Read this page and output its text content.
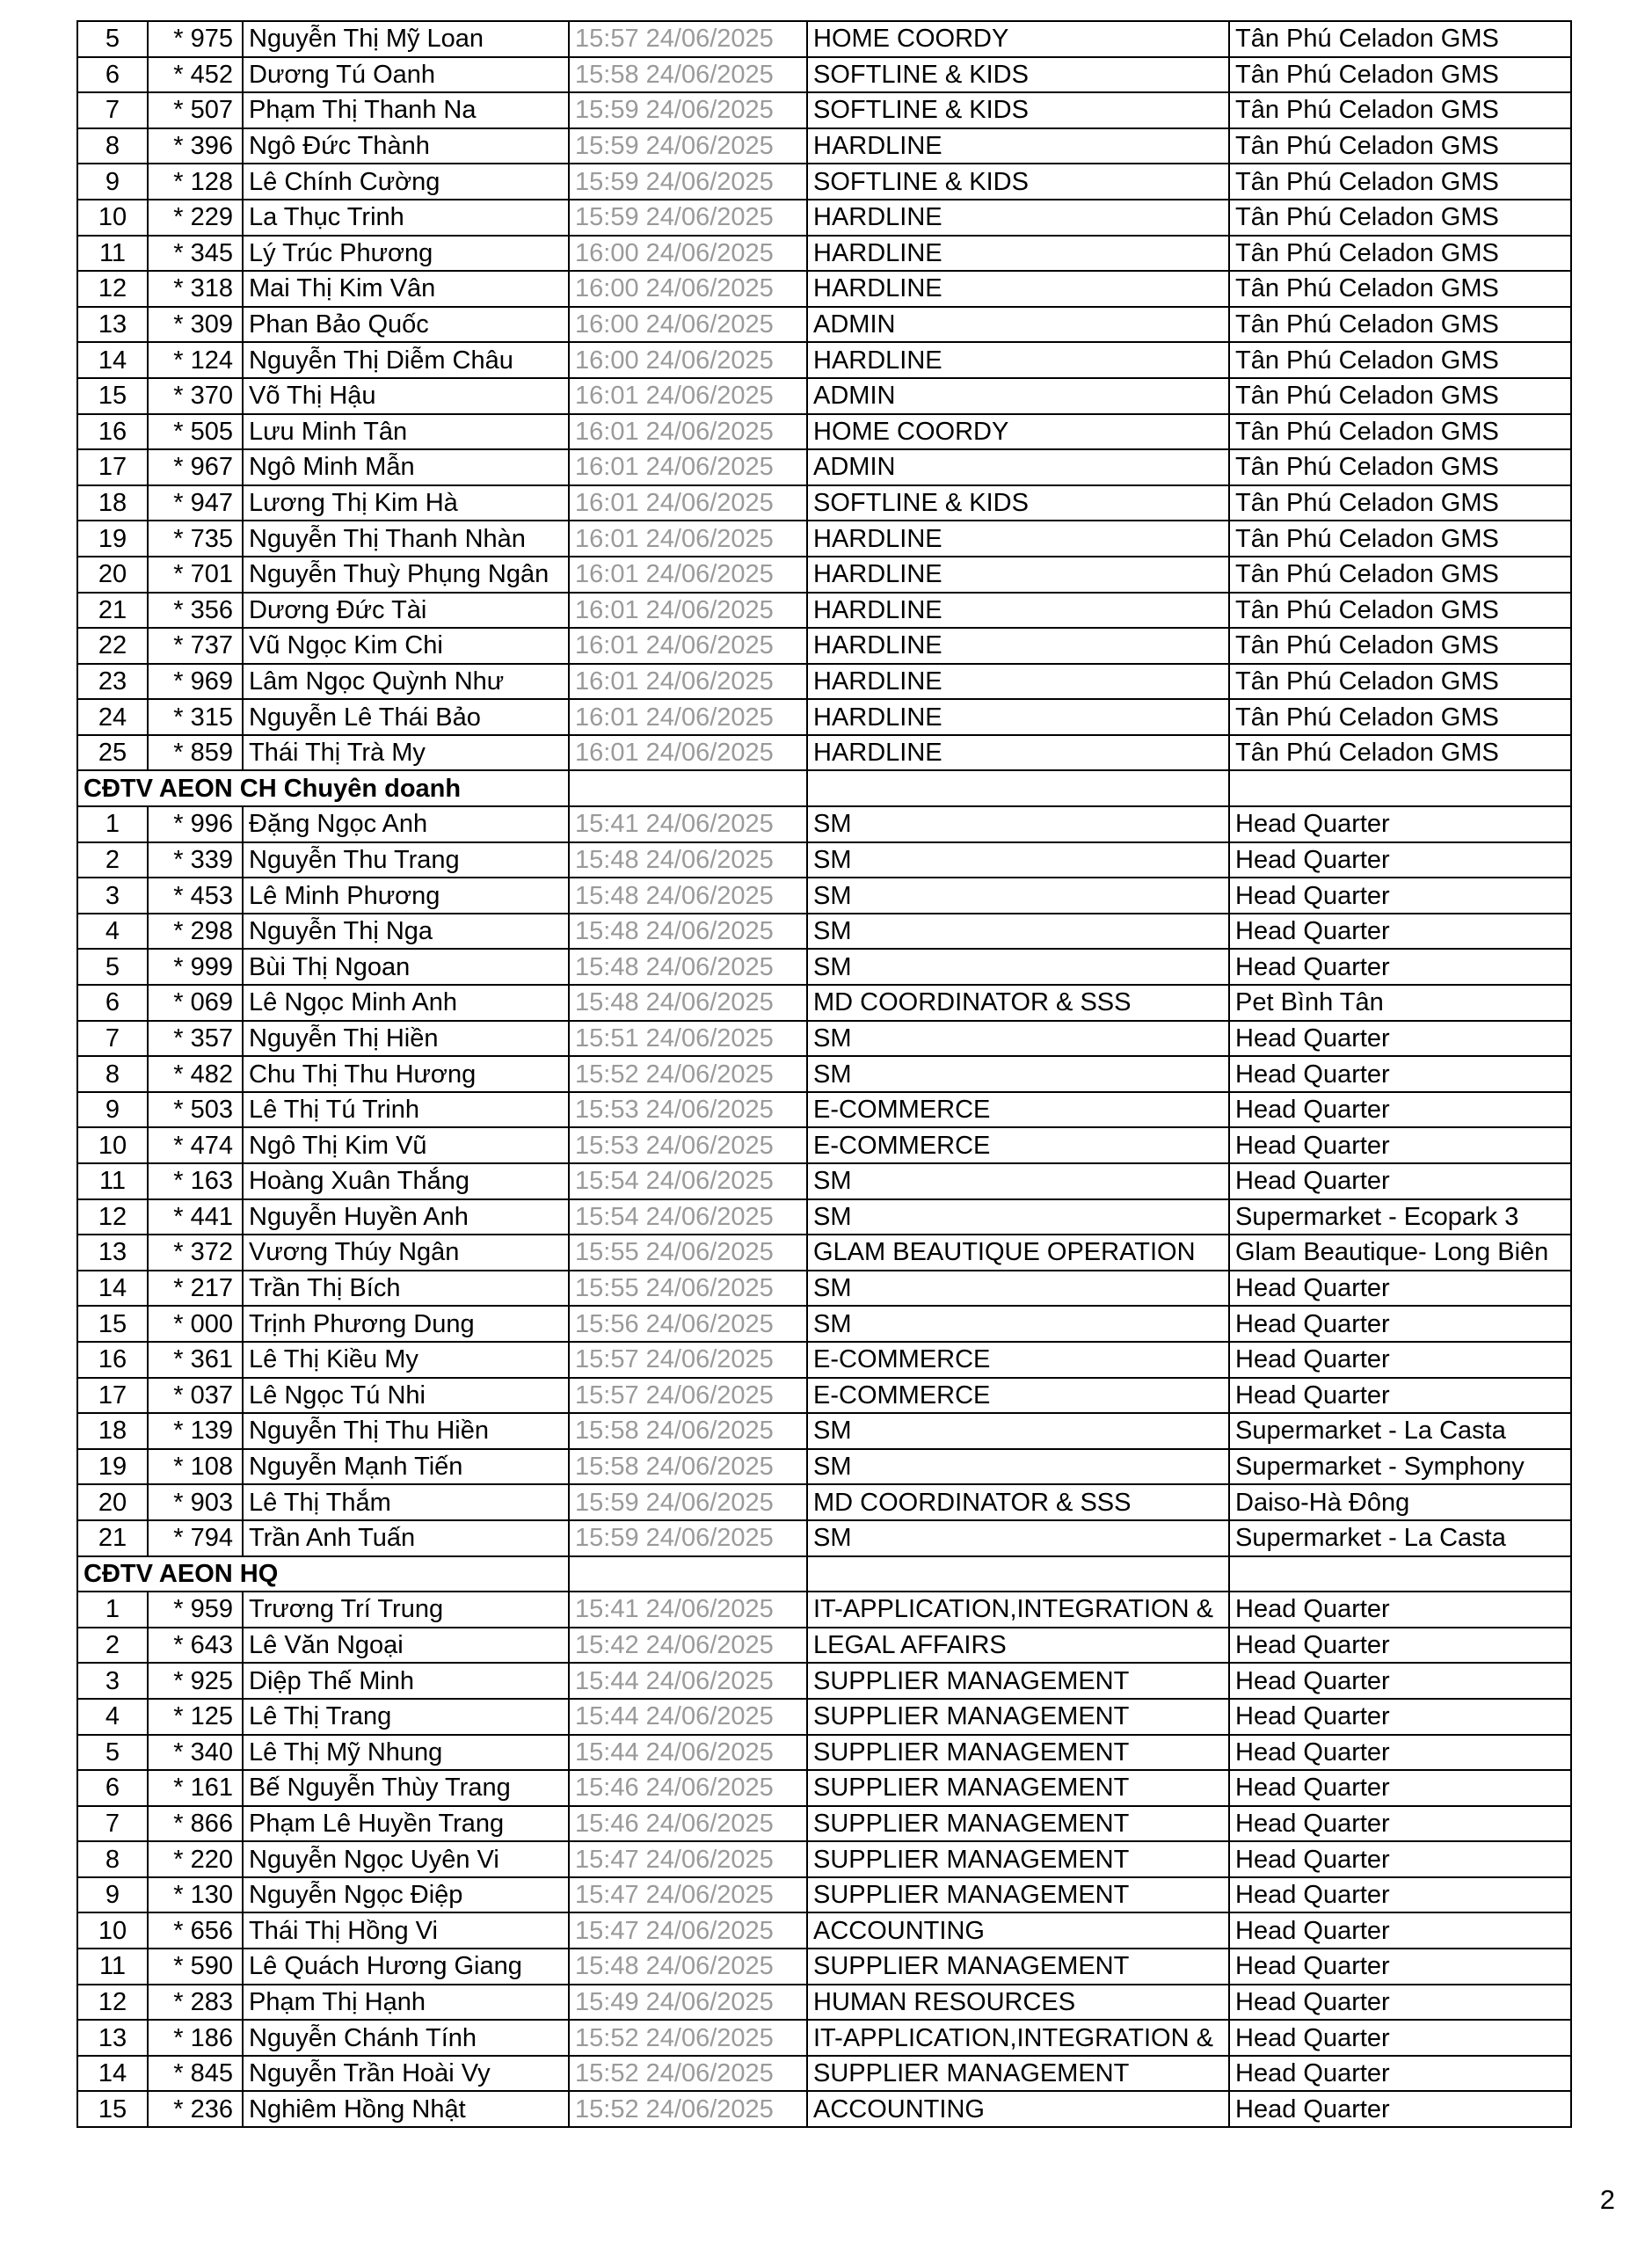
5	* 975	Nguyễn Thị Mỹ Loan	15:57 24/06/2025	HOME COORDY	Tân Phú Celadon GMS
6	* 452	Dương Tú Oanh	15:58 24/06/2025	SOFTLINE & KIDS	Tân Phú Celadon GMS
7	* 507	Phạm Thị Thanh Na	15:59 24/06/2025	SOFTLINE & KIDS	Tân Phú Celadon GMS
8	* 396	Ngô Đức Thành	15:59 24/06/2025	HARDLINE	Tân Phú Celadon GMS
9	* 128	Lê Chính Cường	15:59 24/06/2025	SOFTLINE & KIDS	Tân Phú Celadon GMS
10	* 229	La Thục Trinh	15:59 24/06/2025	HARDLINE	Tân Phú Celadon GMS
11	* 345	Lý Trúc Phương	16:00 24/06/2025	HARDLINE	Tân Phú Celadon GMS
12	* 318	Mai Thị Kim Vân	16:00 24/06/2025	HARDLINE	Tân Phú Celadon GMS
13	* 309	Phan Bảo Quốc	16:00 24/06/2025	ADMIN	Tân Phú Celadon GMS
14	* 124	Nguyễn Thị Diễm Châu	16:00 24/06/2025	HARDLINE	Tân Phú Celadon GMS
15	* 370	Võ Thị Hậu	16:01 24/06/2025	ADMIN	Tân Phú Celadon GMS
16	* 505	Lưu Minh Tân	16:01 24/06/2025	HOME COORDY	Tân Phú Celadon GMS
17	* 967	Ngô Minh Mẫn	16:01 24/06/2025	ADMIN	Tân Phú Celadon GMS
18	* 947	Lương Thị Kim Hà	16:01 24/06/2025	SOFTLINE & KIDS	Tân Phú Celadon GMS
19	* 735	Nguyễn Thị Thanh Nhàn	16:01 24/06/2025	HARDLINE	Tân Phú Celadon GMS
20	* 701	Nguyễn Thuỳ Phụng Ngân	16:01 24/06/2025	HARDLINE	Tân Phú Celadon GMS
21	* 356	Dương Đức Tài	16:01 24/06/2025	HARDLINE	Tân Phú Celadon GMS
22	* 737	Vũ Ngọc Kim Chi	16:01 24/06/2025	HARDLINE	Tân Phú Celadon GMS
23	* 969	Lâm Ngọc Quỳnh Như	16:01 24/06/2025	HARDLINE	Tân Phú Celadon GMS
24	* 315	Nguyễn Lê Thái Bảo	16:01 24/06/2025	HARDLINE	Tân Phú Celadon GMS
25	* 859	Thái Thị Trà My	16:01 24/06/2025	HARDLINE	Tân Phú Celadon GMS
CĐTV AEON CH Chuyên doanh					
1	* 996	Đặng Ngọc Anh	15:41 24/06/2025	SM	Head Quarter
2	* 339	Nguyễn Thu Trang	15:48 24/06/2025	SM	Head Quarter
3	* 453	Lê Minh Phương	15:48 24/06/2025	SM	Head Quarter
4	* 298	Nguyễn Thị Nga	15:48 24/06/2025	SM	Head Quarter
5	* 999	Bùi Thị Ngoan	15:48 24/06/2025	SM	Head Quarter
6	* 069	Lê Ngọc Minh Anh	15:48 24/06/2025	MD COORDINATOR & SSS	Pet Bình Tân
7	* 357	Nguyễn Thị Hiền	15:51 24/06/2025	SM	Head Quarter
8	* 482	Chu Thị Thu Hương	15:52 24/06/2025	SM	Head Quarter
9	* 503	Lê Thị Tú Trinh	15:53 24/06/2025	E-COMMERCE	Head Quarter
10	* 474	Ngô Thị Kim Vũ	15:53 24/06/2025	E-COMMERCE	Head Quarter
11	* 163	Hoàng Xuân Thắng	15:54 24/06/2025	SM	Head Quarter
12	* 441	Nguyễn Huyền Anh	15:54 24/06/2025	SM	Supermarket - Ecopark 3
13	* 372	Vương Thúy Ngân	15:55 24/06/2025	GLAM BEAUTIQUE OPERATION	Glam Beautique- Long Biên
14	* 217	Trần Thị Bích	15:55 24/06/2025	SM	Head Quarter
15	* 000	Trịnh Phương Dung	15:56 24/06/2025	SM	Head Quarter
16	* 361	Lê Thị Kiều My	15:57 24/06/2025	E-COMMERCE	Head Quarter
17	* 037	Lê Ngọc Tú Nhi	15:57 24/06/2025	E-COMMERCE	Head Quarter
18	* 139	Nguyễn Thị Thu Hiền	15:58 24/06/2025	SM	Supermarket - La Casta
19	* 108	Nguyễn Mạnh Tiến	15:58 24/06/2025	SM	Supermarket - Symphony
20	* 903	Lê Thị Thắm	15:59 24/06/2025	MD COORDINATOR & SSS	Daiso-Hà Đông
21	* 794	Trần Anh Tuấn	15:59 24/06/2025	SM	Supermarket - La Casta
CĐTV AEON HQ					
1	* 959	Trương Trí Trung	15:41 24/06/2025	IT-APPLICATION,INTEGRATION &	Head Quarter
2	* 643	Lê Văn Ngoại	15:42 24/06/2025	LEGAL AFFAIRS	Head Quarter
3	* 925	Diệp Thế Minh	15:44 24/06/2025	SUPPLIER MANAGEMENT	Head Quarter
4	* 125	Lê Thị Trang	15:44 24/06/2025	SUPPLIER MANAGEMENT	Head Quarter
5	* 340	Lê Thị Mỹ Nhung	15:44 24/06/2025	SUPPLIER MANAGEMENT	Head Quarter
6	* 161	Bế Nguyễn Thùy Trang	15:46 24/06/2025	SUPPLIER MANAGEMENT	Head Quarter
7	* 866	Phạm Lê Huyền Trang	15:46 24/06/2025	SUPPLIER MANAGEMENT	Head Quarter
8	* 220	Nguyễn Ngọc Uyên Vi	15:47 24/06/2025	SUPPLIER MANAGEMENT	Head Quarter
9	* 130	Nguyễn Ngọc Điệp	15:47 24/06/2025	SUPPLIER MANAGEMENT	Head Quarter
10	* 656	Thái Thị Hồng Vi	15:47 24/06/2025	ACCOUNTING	Head Quarter
11	* 590	Lê Quách Hương Giang	15:48 24/06/2025	SUPPLIER MANAGEMENT	Head Quarter
12	* 283	Phạm Thị Hạnh	15:49 24/06/2025	HUMAN RESOURCES	Head Quarter
13	* 186	Nguyễn Chánh Tính	15:52 24/06/2025	IT-APPLICATION,INTEGRATION &	Head Quarter
14	* 845	Nguyễn Trần Hoài Vy	15:52 24/06/2025	SUPPLIER MANAGEMENT	Head Quarter
15	* 236	Nghiêm Hồng Nhật	15:52 24/06/2025	ACCOUNTING	Head Quarter
2
